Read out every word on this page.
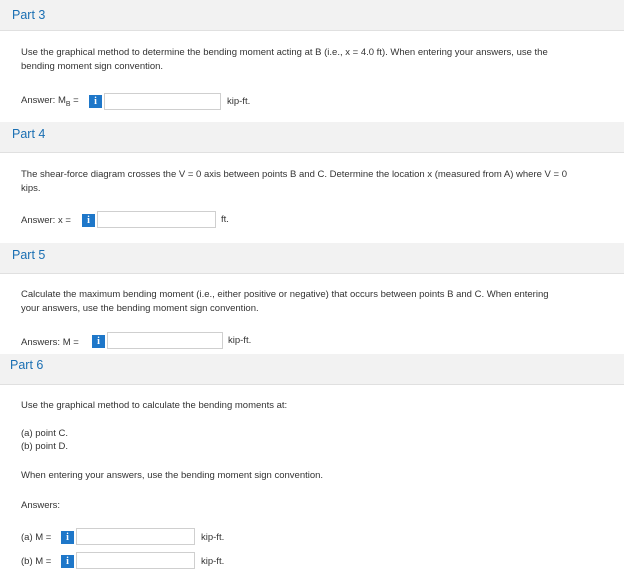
Part 3
Use the graphical method to determine the bending moment acting at B (i.e., x = 4.0 ft). When entering your answers, use the
bending moment sign convention.
Answer: $M_B$ =	i	kip-ft.
Part 4
The shear-force diagram crosses the V = 0 axis between points B and C. Determine the location x (measured from A) where V = 0
kips.
Answer: x =	i	ft.
Part 5
Calculate the maximum bending moment (i.e., either positive or negative) that occurs between points B and C. When entering
your answers, use the bending moment sign convention.
Answers: M =	i	kip-ft.
Part 6
Use the graphical method to calculate the bending moments at:
(a) point C.
(b) point D.
When entering your answers, use the bending moment sign convention.
Answers:
(a) M =	i	kip-ft.
(b) M =	i	kip-ft.
